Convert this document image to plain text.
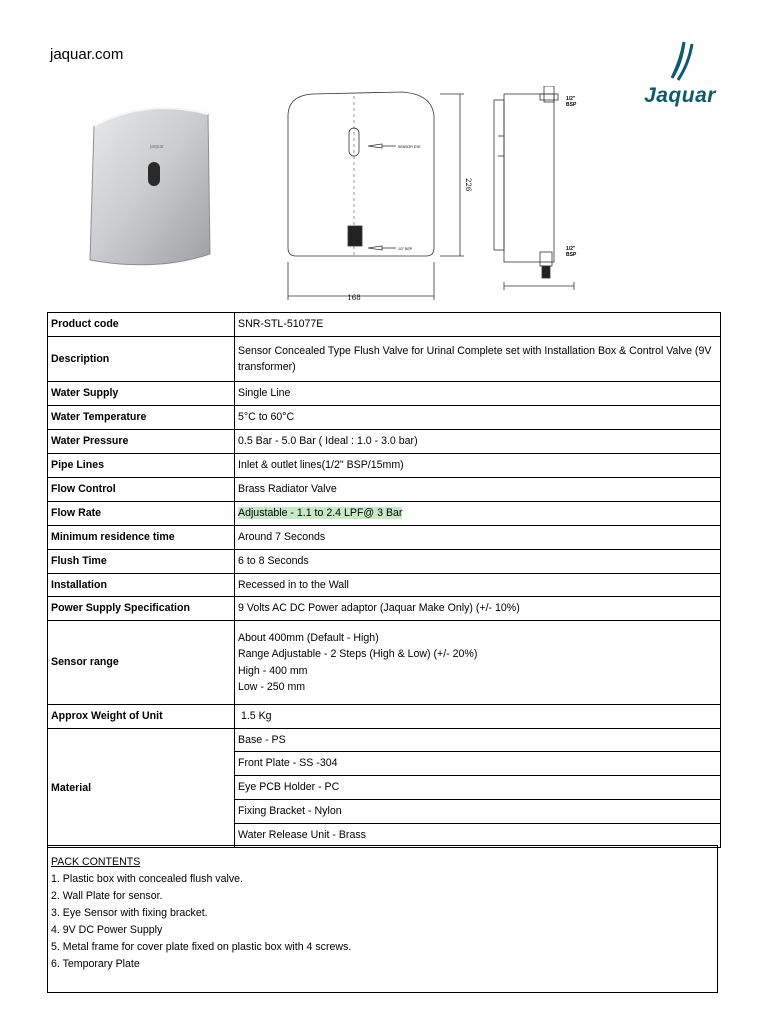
jaquar.com
Jaquar
jaquar
168
226
SENSOR EYE
1/2" BSP
1/2" BSP
1/2" BSP
Product code	SNR-STL-51077E
Description	Sensor Concealed Type Flush Valve for Urinal Complete set with Installation Box & Control Valve (9V transformer)
Water Supply	Single Line
Water Temperature	5°C to 60°C
Water Pressure	0.5 Bar - 5.0 Bar ( Ideal : 1.0 - 3.0 bar)
Pipe Lines	Inlet & outlet lines(1/2" BSP/15mm)
Flow Control	Brass Radiator Valve
Flow Rate	Adjustable - 1.1 to 2.4 LPF@ 3 Bar
Minimum residence time	Around 7 Seconds
Flush Time	6 to 8 Seconds
Installation	Recessed in to the Wall
Power Supply Specification	9 Volts AC DC Power adaptor (Jaquar Make Only) (+/- 10%)
Sensor range	About 400mm (Default - High)
Range Adjustable - 2 Steps (High & Low) (+/- 20%)
High - 400 mm
Low - 250 mm

Approx Weight of Unit	1.5 Kg
Material	Base - PS
	Front Plate - SS -304
	Eye PCB Holder - PC
	Fixing Bracket - Nylon
	Water Release Unit - Brass
PACK CONTENTS
1. Plastic box with concealed flush valve.
2. Wall Plate for sensor.
3. Eye Sensor with fixing bracket.
4. 9V DC Power Supply
5. Metal frame for cover plate fixed on plastic box with 4 screws.
6. Temporary Plate
